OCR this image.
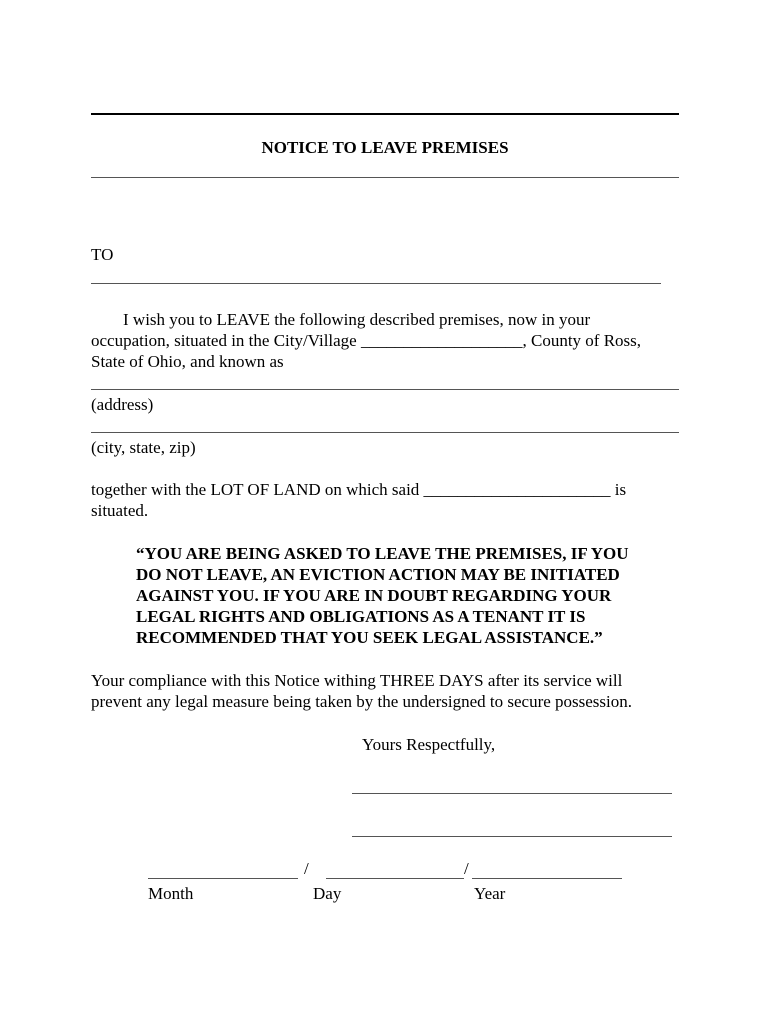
NOTICE TO LEAVE PREMISES
TO
I wish you to LEAVE the following described premises, now in your
occupation, situated in the City/Village ___________________, County of Ross,
State of Ohio, and known as
(address)
(city, state, zip)
together with the LOT OF LAND on which said ______________________ is
situated.
“YOU ARE BEING ASKED TO LEAVE THE PREMISES, IF YOU
DO NOT LEAVE, AN EVICTION ACTION MAY BE INITIATED
AGAINST YOU. IF YOU ARE IN DOUBT REGARDING YOUR
LEGAL RIGHTS AND OBLIGATIONS AS A TENANT IT IS
RECOMMENDED THAT YOU SEEK LEGAL ASSISTANCE.”
Your compliance with this Notice withing THREE DAYS after its service will
prevent any legal measure being taken by the undersigned to secure possession.
Yours Respectfully,
/	/
Month	Day	Year
